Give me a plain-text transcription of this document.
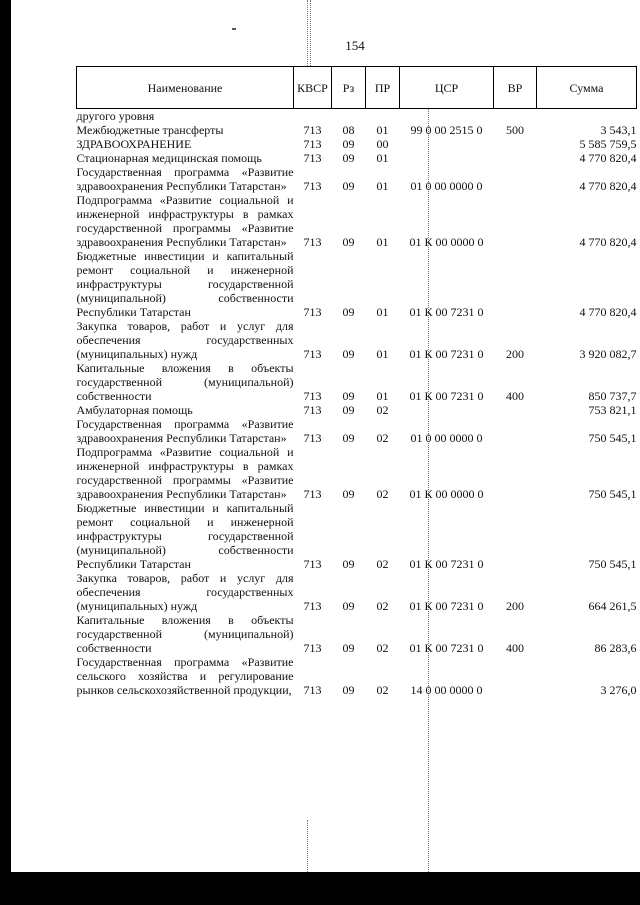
154
Наименование	КВСР	Рз	ПР	ЦСР	ВР	Сумма
другого уровня						
Межбюджетные трансферты	713	08	01	99 0 00 2515 0	500	3 543,1
ЗДРАВООХРАНЕНИЕ	713	09	00			5 585 759,5
Стационарная медицинская помощь	713	09	01			4 770 820,4
Государственная программа «Развитие здравоохранения Республики Татарстан»	713	09	01	01 0 00 0000 0		4 770 820,4
Подпрограмма «Развитие социальной и инженерной инфраструктуры в рамках государственной программы «Развитие здравоохранения Республики Татарстан»	713	09	01	01 К 00 0000 0		4 770 820,4
Бюджетные инвестиции и капитальный ремонт социальной и инженерной инфраструктуры государственной (муниципальной) собственности Республики Татарстан	713	09	01	01 К 00 7231 0		4 770 820,4
Закупка товаров, работ и услуг для обеспечения государственных (муниципальных) нужд	713	09	01	01 К 00 7231 0	200	3 920 082,7
Капитальные вложения в объекты государственной (муниципальной) собственности	713	09	01	01 К 00 7231 0	400	850 737,7
Амбулаторная помощь	713	09	02			753 821,1
Государственная программа «Развитие здравоохранения Республики Татарстан»	713	09	02	01 0 00 0000 0		750 545,1
Подпрограмма «Развитие социальной и инженерной инфраструктуры в рамках государственной программы «Развитие здравоохранения Республики Татарстан»	713	09	02	01 К 00 0000 0		750 545,1
Бюджетные инвестиции и капитальный ремонт социальной и инженерной инфраструктуры государственной (муниципальной) собственности Республики Татарстан	713	09	02	01 К 00 7231 0		750 545,1
Закупка товаров, работ и услуг для обеспечения государственных (муниципальных) нужд	713	09	02	01 К 00 7231 0	200	664 261,5
Капитальные вложения в объекты государственной (муниципальной) собственности	713	09	02	01 К 00 7231 0	400	86 283,6
Государственная программа «Развитие сельского хозяйства и регулирование рынков сельскохозяйственной продукции,	713	09	02	14 0 00 0000 0		3 276,0
